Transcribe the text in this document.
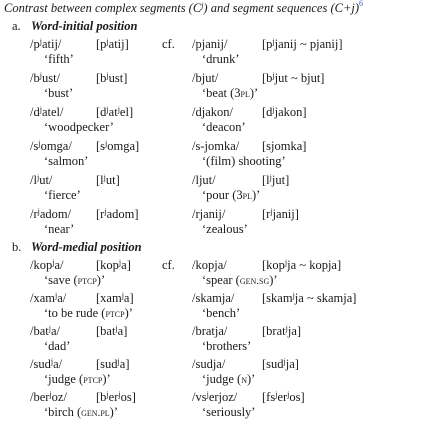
Contrast between complex segments $(C^j)$ and segment sequences (C+j)$^6$
a. Word-initial position
$/p^jatij/$	$[p^jatij]$	cf. /pjanij/	[$p^jjanij$ ~ pjanij]
‘fifth’	‘drunk’
$/b^just/$	$[b^just]$	/bjut/	[$b^jjut$ ~ bjut]
‘bust’	‘beat (3pl)’
$/d^jatel/$	$[d^jat^jel]$	/djakon/ $[d^jjakon]$
‘woodpecker’	‘deacon’
$/s^jomga/$ $[s^jomga]$	/s-jomka/ [sjomka]
‘salmon’	‘(film) shooting’
$/l^jut/$	$[l^jut]$	/ljut/	$[l^jjut]$
‘fierce’	‘pour (3pl)’
$/r^jadom/$ $[r^jadom]$	/rjanij/	$[r^jjanij]$
‘near’	‘zealous’
b. Word-medial position
/kop$^j$a/	[kop$^j$a] cf. /kopja/	[kop$^j$ja ~ kopja]
‘save (ptcp)’	‘spear (gen.sg)’
/xam$^j$a/ [xam$^j$a]	/skamja/ [skam$^j$ja ~ skamja]
‘to be rude (ptcp)’	‘bench’
/bat$^j$a/	[bat$^j$a]	/bratja/	[brat$^j$ja]
‘dad’	‘brothers’
/sud$^j$a/	[sud$^j$a]	/sudja/	[sud$^j$ja]
‘judge (ptcp)’	‘judge (n)’
/ber$^j$oz/ $[b^jer^jos]$	$/vs^jerjoz/$ $[fs^jer^jos]$
‘birch (gen.pl)’	‘seriously’
